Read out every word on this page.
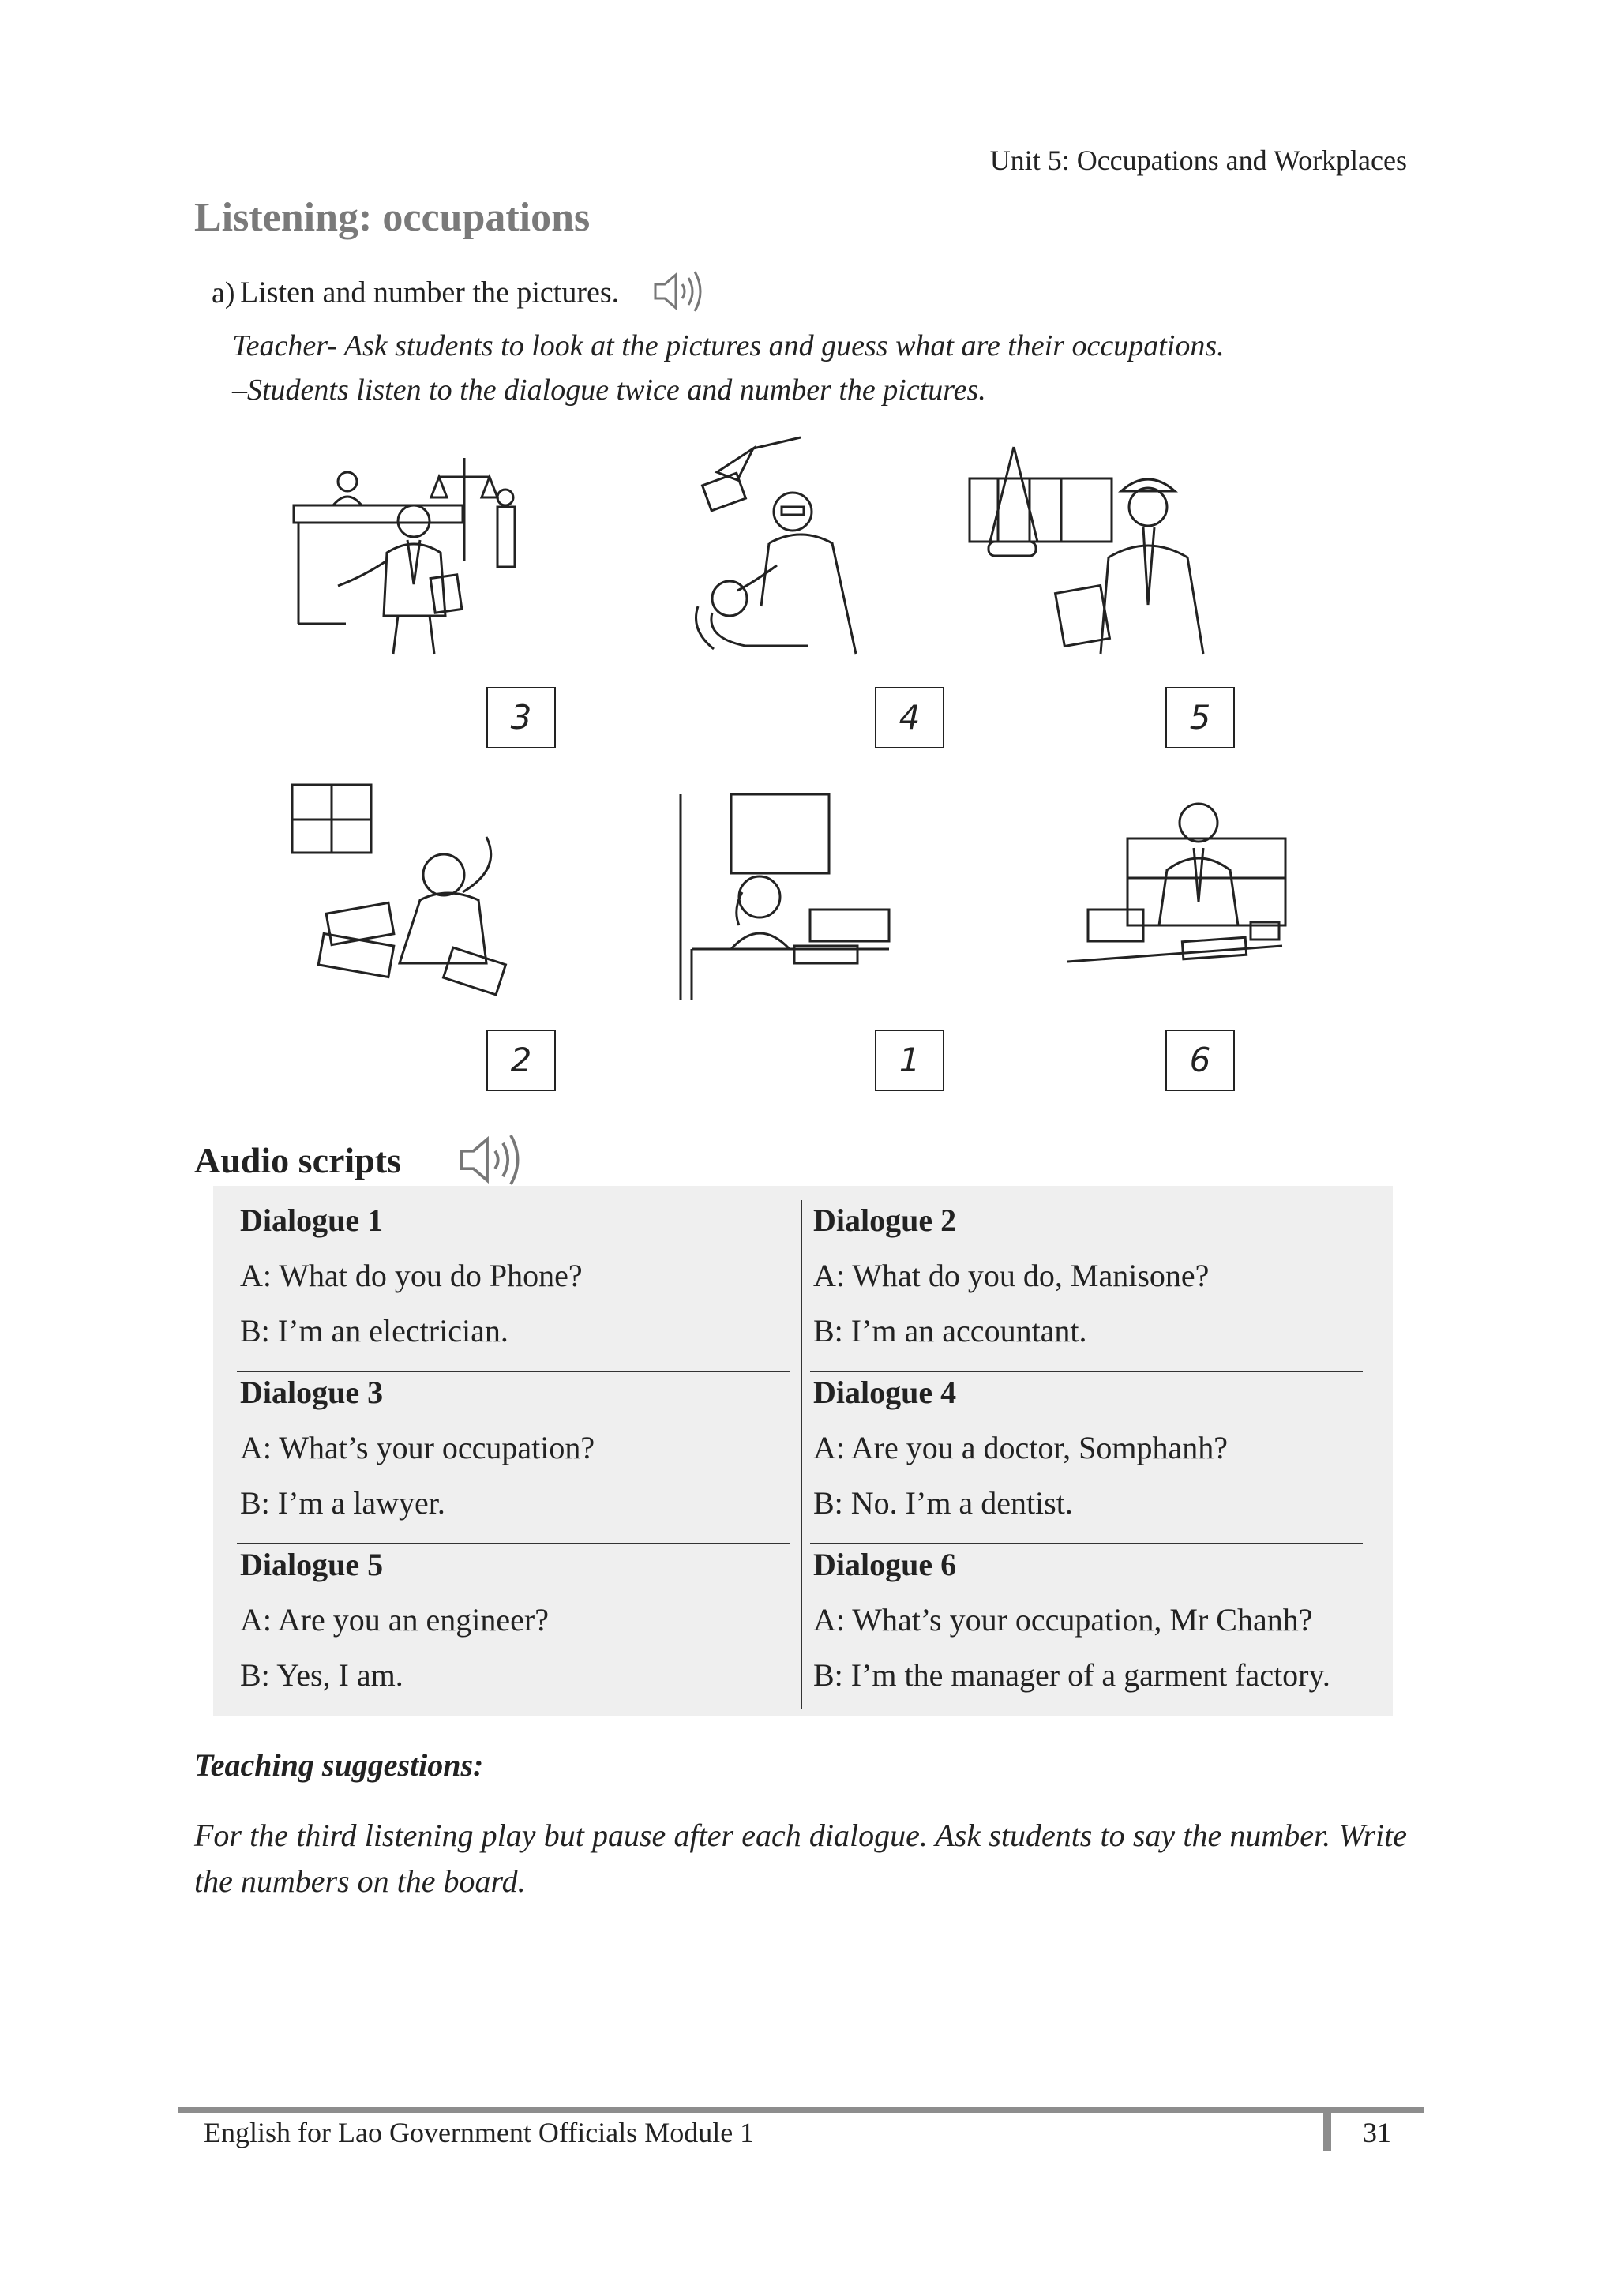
Unit 5: Occupations and Workplaces
Listening: occupations
a) Listen and number the pictures.
Teacher- Ask students to look at the pictures and guess what are their occupations.
–Students listen to the dialogue twice and number the pictures.
3	4	5
2	1	6
Audio scripts
Dialogue 1
A: What do you do Phone?
B: I’m an electrician.
Dialogue 2
A: What do you do, Manisone?
B: I’m an accountant.
Dialogue 3
A: What’s your occupation?
B: I’m a lawyer.
Dialogue 4
A: Are you a doctor, Somphanh?
B: No. I’m a dentist.
Dialogue 5
A: Are you an engineer?
B: Yes, I am.
Dialogue 6
A: What’s your occupation, Mr Chanh?
B: I’m the manager of a garment factory.
Teaching suggestions:
For the third listening play but pause after each dialogue. Ask students to say the number. Write the numbers on the board.
English for Lao Government Officials Module 1	31
